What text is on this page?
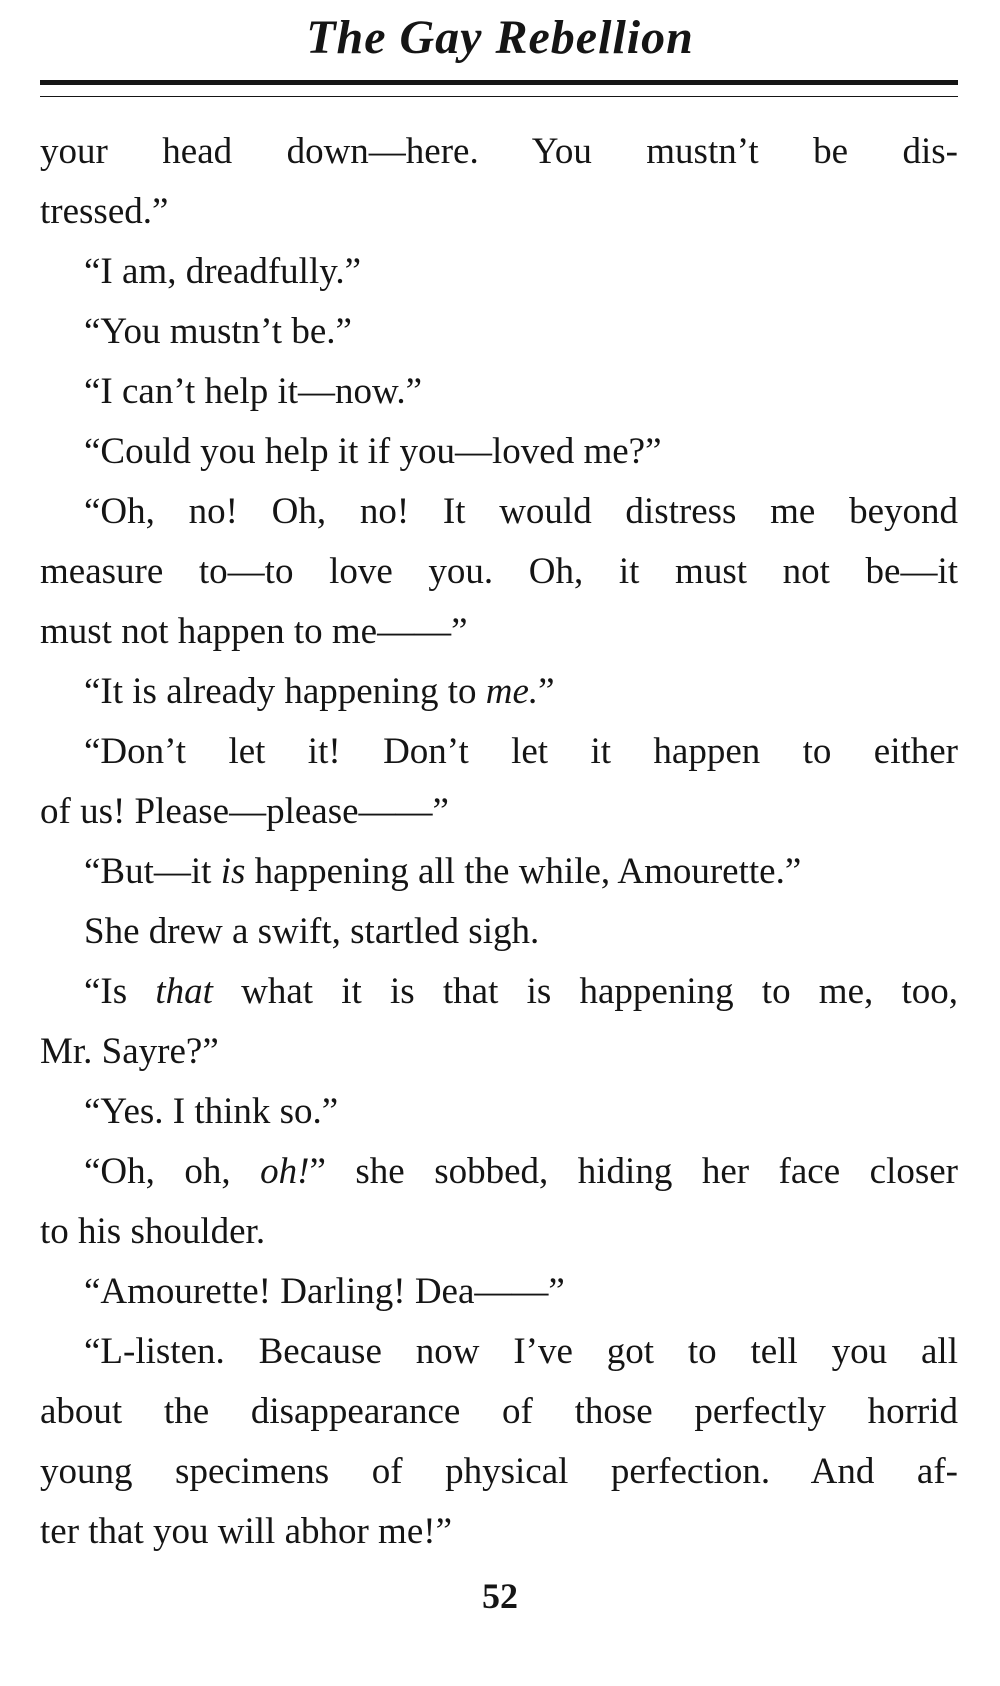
The Gay Rebellion
your head down—here. You mustn’t be dis-
tressed.”
“I am, dreadfully.”
“You mustn’t be.”
“I can’t help it—now.”
“Could you help it if you—loved me?”
“Oh, no! Oh, no! It would distress me beyond
measure to—to love you. Oh, it must not be—it
must not happen to me——”
“It is already happening to me.”
“Don’t let it! Don’t let it happen to either
of us! Please—please——”
“But—it is happening all the while, Amourette.”
She drew a swift, startled sigh.
“Is that what it is that is happening to me, too,
Mr. Sayre?”
“Yes. I think so.”
“Oh, oh, oh!” she sobbed, hiding her face closer
to his shoulder.
“Amourette! Darling! Dea——”
“L-listen. Because now I’ve got to tell you all
about the disappearance of those perfectly horrid
young specimens of physical perfection. And af-
ter that you will abhor me!”
52
